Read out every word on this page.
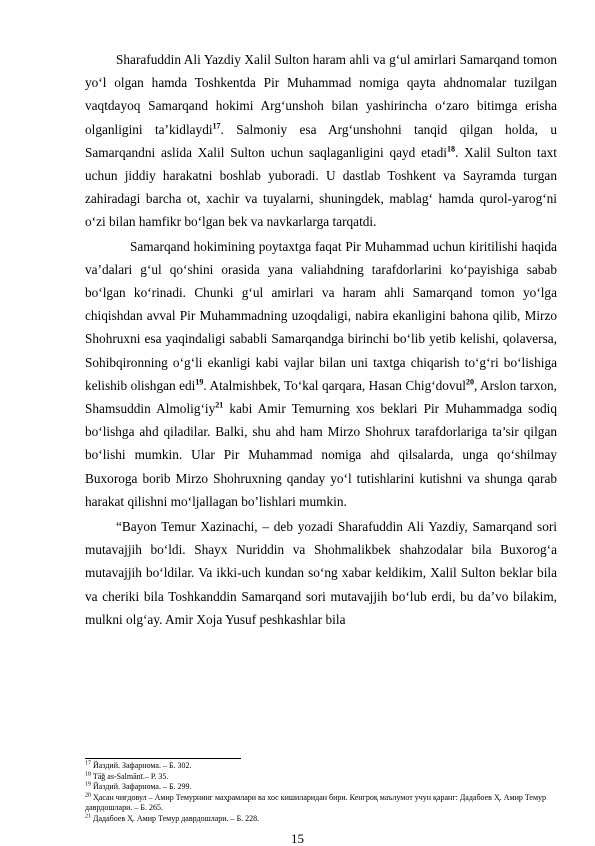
Sharafuddin Ali Yazdiy Xalil Sulton haram ahli va g‘ul amirlari Samarqand tomon yo‘l olgan hamda Toshkentda Pir Muhammad nomiga qayta ahdnomalar tuzilgan vaqtdayoq Samarqand hokimi Arg‘unshoh bilan yashirincha o‘zaro bitimga erisha olganligini ta’kidlaydi$^{17}$. Salmoniy esa Arg‘unshohni tanqid qilgan holda, u Samarqandni aslida Xalil Sulton uchun saqlaganligini qayd etadi$^{18}$. Xalil Sulton taxt uchun jiddiy harakatni boshlab yuboradi. U dastlab Toshkent va Sayramda turgan zahiradagi barcha ot, xachir va tuyalarni, shuningdek, mablag‘ hamda qurol-yarog‘ni o‘zi bilan hamfikr bo‘lgan bek va navkarlarga tarqatdi.

Samarqand hokimining poytaxtga faqat Pir Muhammad uchun kiritilishi haqida va’dalari g‘ul qo‘shini orasida yana valiahdning tarafdorlarini ko‘payishiga sabab bo‘lgan ko‘rinadi. Chunki g‘ul amirlari va haram ahli Samarqand tomon yo‘lga chiqishdan avval Pir Muhammadning uzoqdaligi, nabira ekanligini bahona qilib, Mirzo Shohruxni esa yaqindaligi sababli Samarqandga birinchi bo‘lib yetib kelishi, qolaversa, Sohibqironning o‘g‘li ekanligi kabi vajlar bilan uni taxtga chiqarish to‘g‘ri bo‘lishiga kelishib olishgan edi$^{19}$. Atalmishbek, To‘kal qarqara, Hasan Chig‘dovul$^{20}$, Arslon tarxon, Shamsuddin $Almolig‘iy^{21}$ kabi Amir Temurning xos beklari Pir Muhammadga sodiq bo‘lishga ahd qiladilar. Balki, shu ahd ham Mirzo Shohrux tarafdorlariga ta’sir qilgan bo‘lishi mumkin. Ular Pir Muhammad nomiga ahd qilsalarda, unga qo‘shilmay Buxoroga borib Mirzo Shohruxning qanday yo‘l tutishlarini kutishni va shunga qarab harakat qilishni mo‘ljallagan bo’lishlari mumkin.

“Bayon Temur Xazinachi, – deb yozadi Sharafuddin Ali Yazdiy, Samarqand sori mutavajjih bo‘ldi. Shayx Nuriddin va Shohmalikbek shahzodalar bila Buxorog‘a mutavajjih bo‘ldilar. Va ikki-uch kundan so‘ng xabar keldikim, Xalil Sulton beklar bila va cheriki bila Toshkanddin Samarqand sori mutavajjih bo‘lub erdi, bu da’vo bilakim, mulkni olg‘ay. Amir Xoja Yusuf peshkashlar bila

$^{17}$ Йаздий. Зафарнома. – Б. 302.
$^{18}$ Tāğ as-Salmānī.– P. 35.
$^{19}$ Йаздий. Зафарнома. – Б. 299.
$^{20}$ Ҳасан чиғдовул – Амир Темурнинг маҳрамлари ва хос кишиларидан бири. Кенгроқ маълумот учун қаранг: Дадабоев Ҳ. Амир Темур даврдошлари. – Б. 265.
$^{21}$ Дадабоев Ҳ. Амир Темур даврдошлари. – Б. 228.
15
